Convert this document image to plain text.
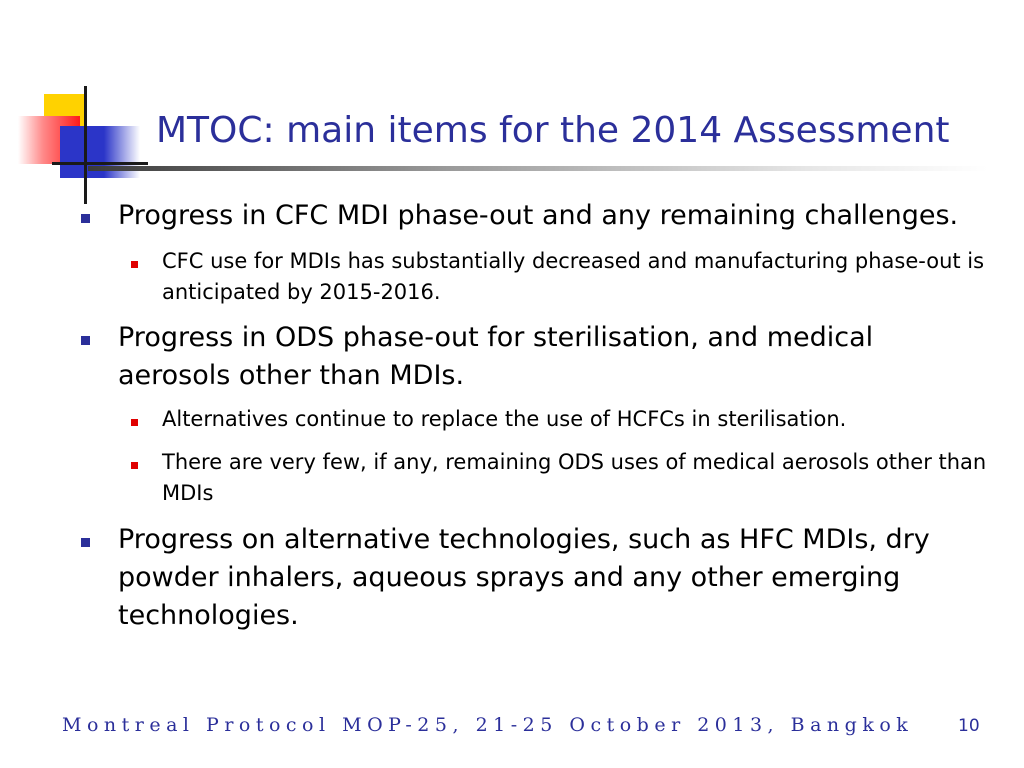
MTOC: main items for the 2014 Assessment
Progress in CFC MDI phase-out and any remaining challenges.
CFC use for MDIs has substantially decreased and manufacturing phase-out is anticipated by 2015-2016.
Progress in ODS phase-out for sterilisation, and medical aerosols other than MDIs.
Alternatives continue to replace the use of HCFCs in sterilisation.
There are very few, if any, remaining ODS uses of medical aerosols other than MDIs
Progress on alternative technologies, such as HFC MDIs, dry powder inhalers, aqueous sprays and any other emerging technologies.
Montreal Protocol MOP-25, 21-25 October 2013, Bangkok	10
